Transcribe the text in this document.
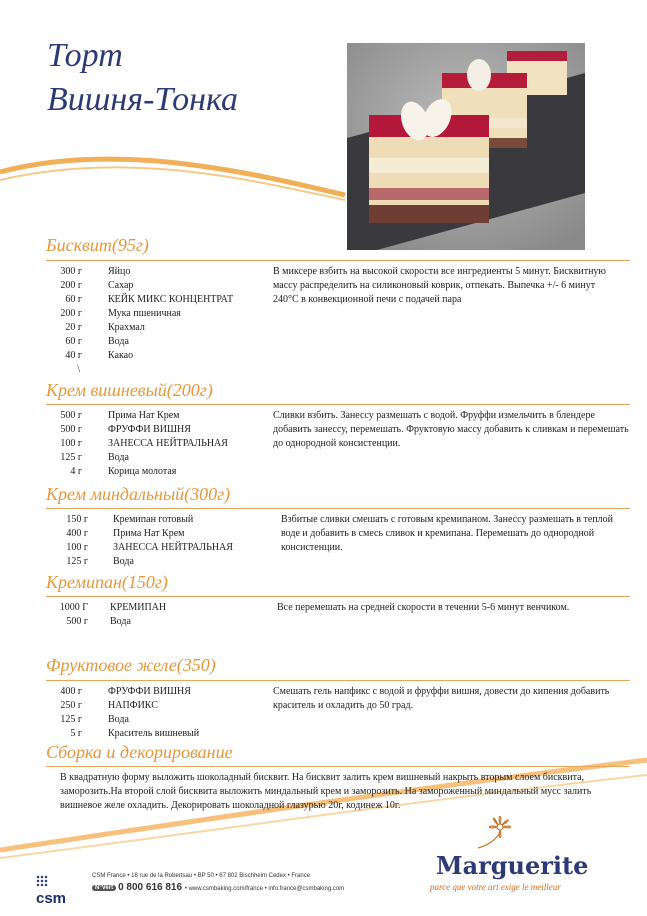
Торт
Вишня-Тонка
Бисквит(95г)
300 г
200 г
60 г
200 г
20 г
60 г
40 г
\
Яйцо
Сахар
КЕЙК МИКС КОНЦЕНТРАТ
Мука пшеничная
Крахмал
Вода
Какао
В миксере взбить на высокой скорости все ингредиенты 5 минут. Бисквитную массу распределить на силиконовый коврик, отпекать. Выпечка +/- 6 минут 240°С в конвекционной печи с подачей пара
Крем вишневый(200г)
500 г
500 г
100 г
125 г
4 г
Прима Нат Крем
ФРУФФИ ВИШНЯ
ЗАНЕССА НЕЙТРАЛЬНАЯ
Вода
Корица молотая
Сливки взбить. Занессу размешать с водой. Фруффи измельчить в блендере добавить занессу, перемешать. Фруктовую массу добавить к сливкам и перемешать до однородной консистенции.
Крем миндальный(300г)
150 г
400 г
100 г
125 г
Кремипан готовый
Прима Нат Крем
ЗАНЕССА НЕЙТРАЛЬНАЯ
Вода
Взбитые сливки смешать с готовым кремипаном. Занессу размешать в теплой воде и добавить в смесь сливок и кремипана. Перемешать до однородной консистенции.
Кремипан(150г)
1000 Г
500 г
КРЕМИПАН
Вода
Все перемешать на средней скорости в течении 5-6 минут венчиком.
Фруктовое желе(350)
400 г
250 г
125 г
5 г
ФРУФФИ ВИШНЯ
НАПФИКС
Вода
Краситель вишневый
Смешать гель напфикс с водой и фруффи вишня, довести до кипения добавить краситель и охладить до 50 град.
Сборка и декорирование
В квадратную форму выложить шоколадный бисквит. На бисквит залить крем вишневый накрыть вторым слоем бисквита, заморозить.На второй слой бисквита выложить миндальный крем и заморозить. На замороженный миндальный мусс залить вишневое желе охладить. Декорировать шоколадной глазурью 20г, кодинеж 10г.
csm
CSM France • 18 rue de la Robertsau • BP 50 • 67 802 Bischheim Cedex • France
N°Vert 0 800 616 816 • www.csmbaking.com/france • info.france@csmbaking.com
Marguerite
parce que votre art exige le meilleur
